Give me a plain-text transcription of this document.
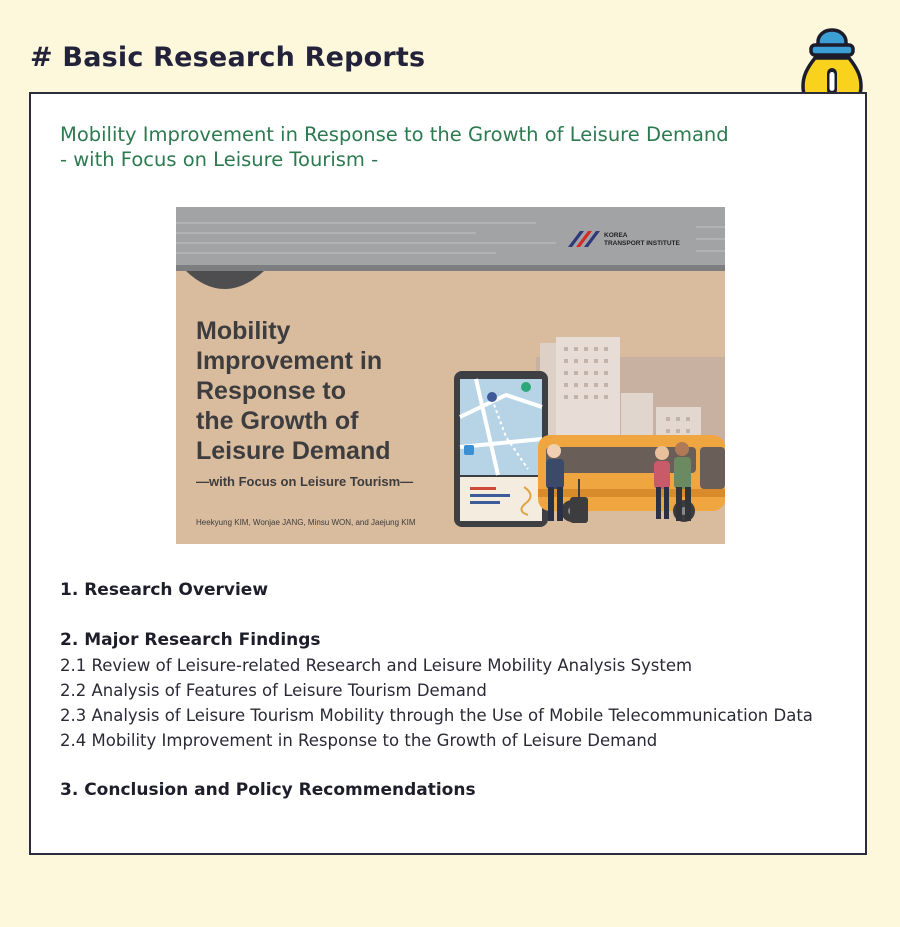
# Basic Research Reports
Mobility Improvement in Response to the Growth of Leisure Demand
- with Focus on Leisure Tourism -
KOREA
TRANSPORT INSTITUTE
Mobility
Improvement in
Response to
the Growth of
Leisure Demand
—with Focus on Leisure Tourism—
Heekyung KIM, Wonjae JANG, Minsu WON, and Jaejung KIM
1. Research Overview
2. Major Research Findings
2.1 Review of Leisure-related Research and Leisure Mobility Analysis System
2.2 Analysis of Features of Leisure Tourism Demand
2.3 Analysis of Leisure Tourism Mobility through the Use of Mobile Telecommunication Data
2.4 Mobility Improvement in Response to the Growth of Leisure Demand
3. Conclusion and Policy Recommendations
